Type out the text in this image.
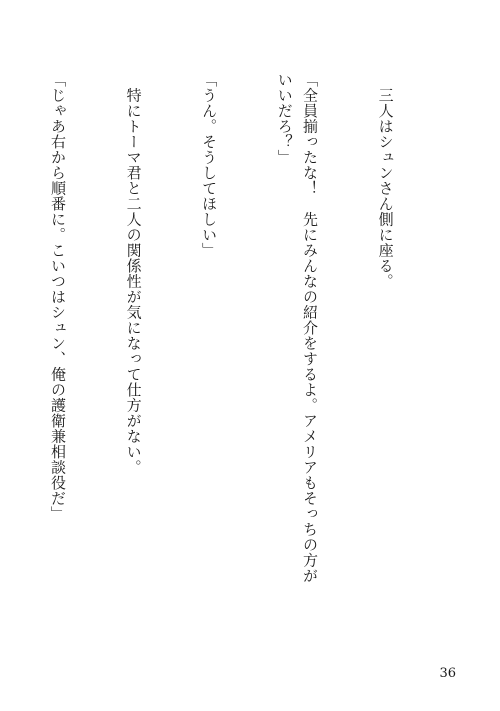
　三人はシュンさん側に座る。

「全員揃ったな！　先にみんなの紹介をするよ。アメリアもそっちの方がいいだろ？」

「うん。そうしてほしい」

　特にトーマ君と二人の関係性が気になって仕方がない。

「じゃあ右から順番に。こいつはシュン、俺の護衛兼相談役だ」

36
